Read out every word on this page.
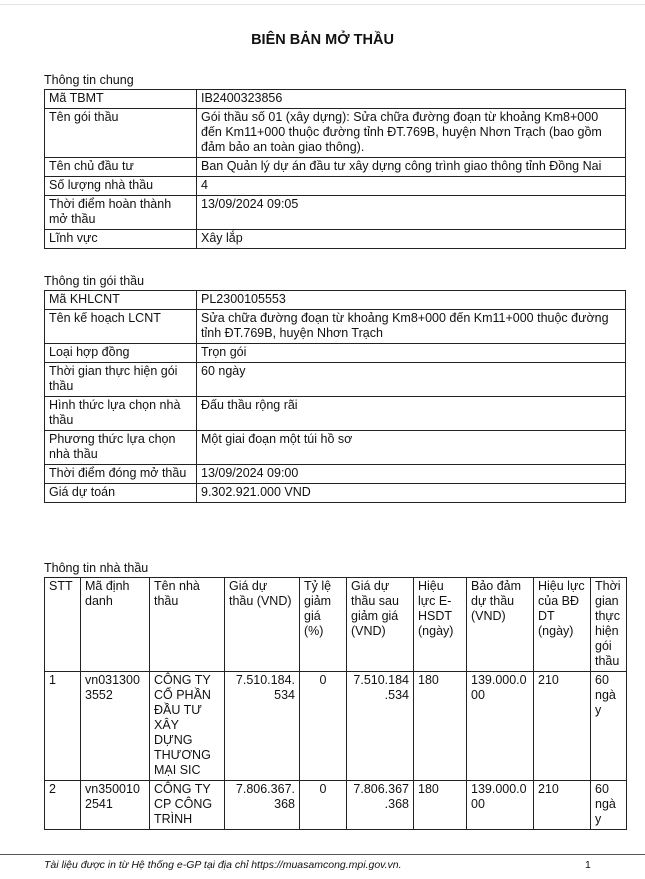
BIÊN BẢN MỞ THẦU
Thông tin chung
Mã TBMT	IB2400323856
Tên gói thầu	Gói thầu số 01 (xây dựng): Sửa chữa đường đoạn từ khoảng Km8+000 đến Km11+000 thuộc đường tỉnh ĐT.769B, huyện Nhơn Trạch (bao gồm đảm bảo an toàn giao thông).
Tên chủ đầu tư	Ban Quản lý dự án đầu tư xây dựng công trình giao thông tỉnh Đồng Nai
Số lượng nhà thầu	4
Thời điểm hoàn thành mở thầu	13/09/2024 09:05
Lĩnh vực	Xây lắp
Thông tin gói thầu
Mã KHLCNT	PL2300105553
Tên kế hoạch LCNT	Sửa chữa đường đoạn từ khoảng Km8+000 đến Km11+000 thuộc đường tỉnh ĐT.769B, huyện Nhơn Trạch
Loại hợp đồng	Trọn gói
Thời gian thực hiện gói thầu	60 ngày
Hình thức lựa chọn nhà thầu	Đấu thầu rộng rãi
Phương thức lựa chọn nhà thầu	Một giai đoạn một túi hồ sơ
Thời điểm đóng mở thầu	13/09/2024 09:00
Giá dự toán	9.302.921.000 VND
Thông tin nhà thầu
STT	Mã định danh	Tên nhà thầu	Giá dự thầu (VND)	Tỷ lệ giảm giá (%)	Giá dự thầu sau giảm giá (VND)	Hiệu lực E-HSDT (ngày)	Bảo đảm dự thầu (VND)	Hiệu lực của BĐ DT (ngày)	Thời gian thực hiện gói thầu
1	vn0313003552	CÔNG TY CỔ PHẦN ĐẦU TƯ XÂY DỰNG THƯƠNG MẠI SIC	7.510.184.534	0	7.510.184.534	180	139.000.000	210	60 ngày
2	vn3500102541	CÔNG TY CP CÔNG TRÌNH	7.806.367.368	0	7.806.367.368	180	139.000.000	210	60 ngày
Tài liệu được in từ Hệ thống e-GP tại địa chỉ https://muasamcong.mpi.gov.vn.	1
